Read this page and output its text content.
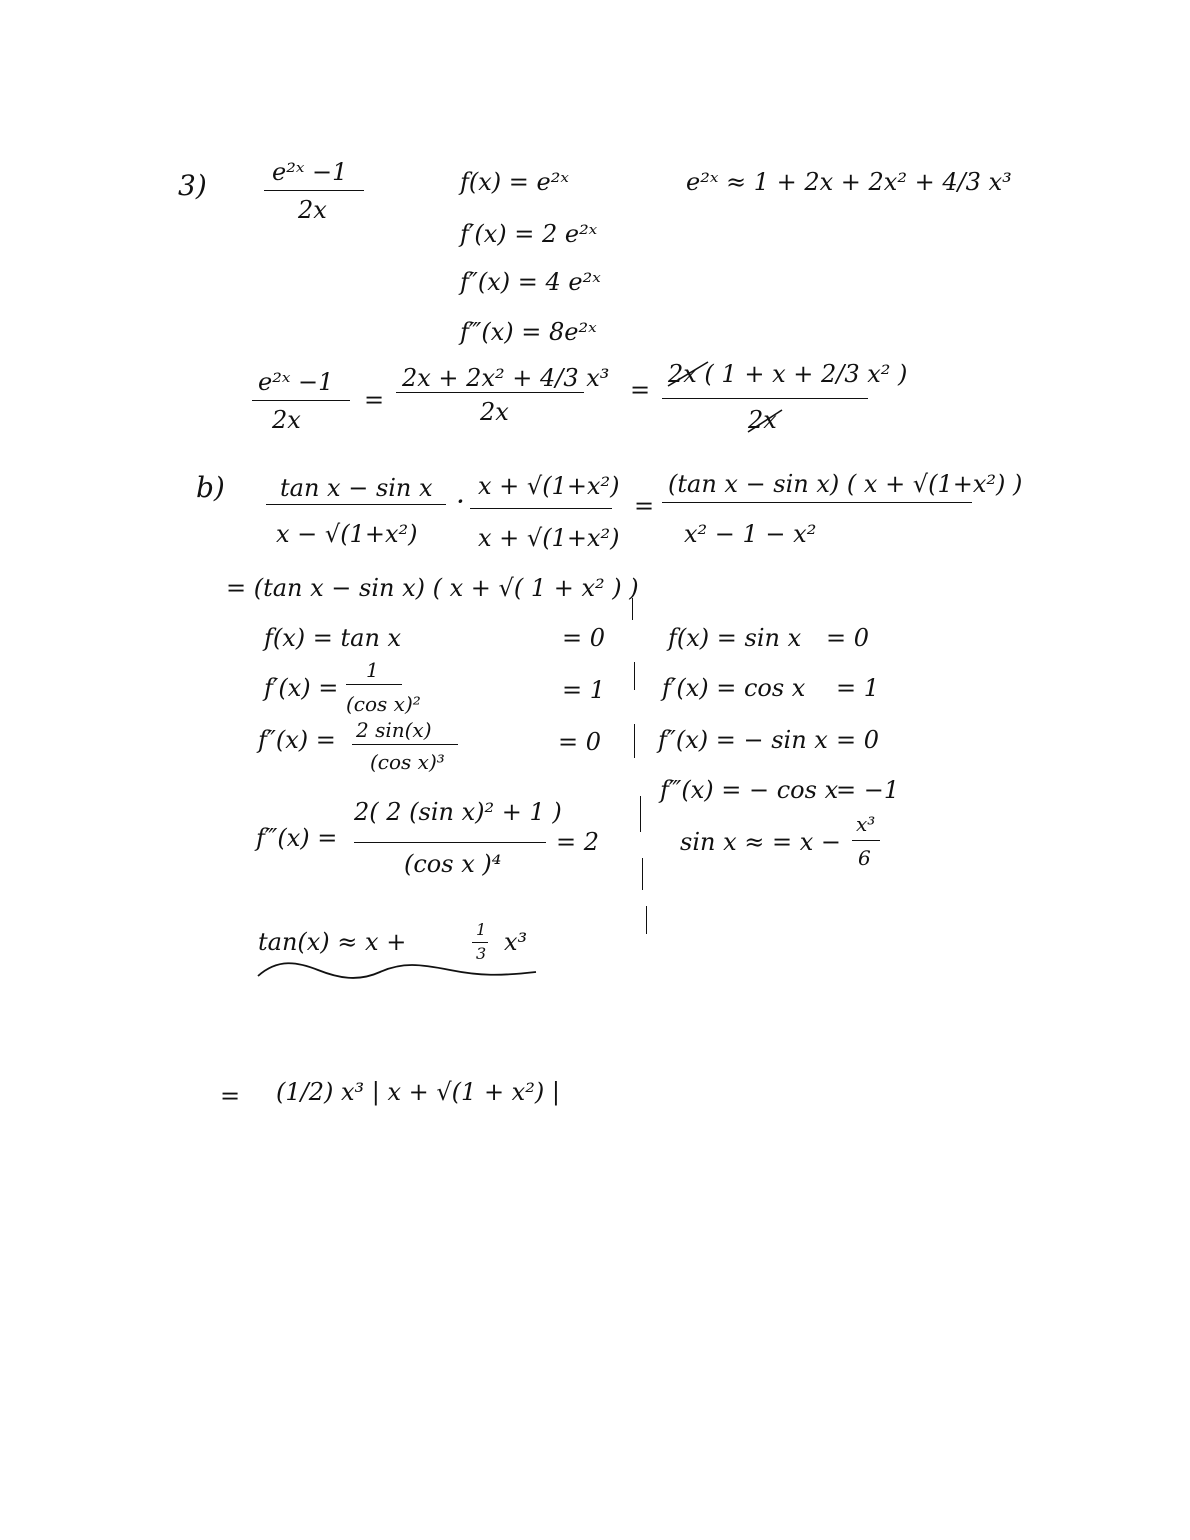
3)	e²ˣ −1
2x
f(x) = e²ˣ
f′(x) = 2 e²ˣ
f″(x) = 4 e²ˣ
f‴(x) = 8e²ˣ
e²ˣ ≈ 1 + 2x + 2x² + 4/3 x³
e²ˣ −1
2x
=
2x + 2x² + 4/3 x³
2x
=
2x ( 1 + x + 2/3 x² )
2x
b) tan x − sin x
x − √(1+x²)
· x + √(1+x²)
x + √(1+x²)
=
(tan x − sin x) ( x + √(1+x²) )
x² − 1 − x²
= (tan x − sin x) ( x + √( 1 + x² ) )
f(x) = tan x	= 0
f′(x) =
1
(cos x)²	= 1
f″(x) = 2 sin(x)
(cos x)³
= 0
f‴(x) =
2( 2 (sin x)² + 1 )
(cos x )⁴
= 2
f(x) = sin x = 0
f′(x) = cos x = 1
f″(x) = − sin x = 0
f‴(x) = − cos x
= −1
sin x ≈ = x −
x³
6
tan(x) ≈ x +	1
3 x³
= (1/2) x³ | x + √(1 + x²) |
